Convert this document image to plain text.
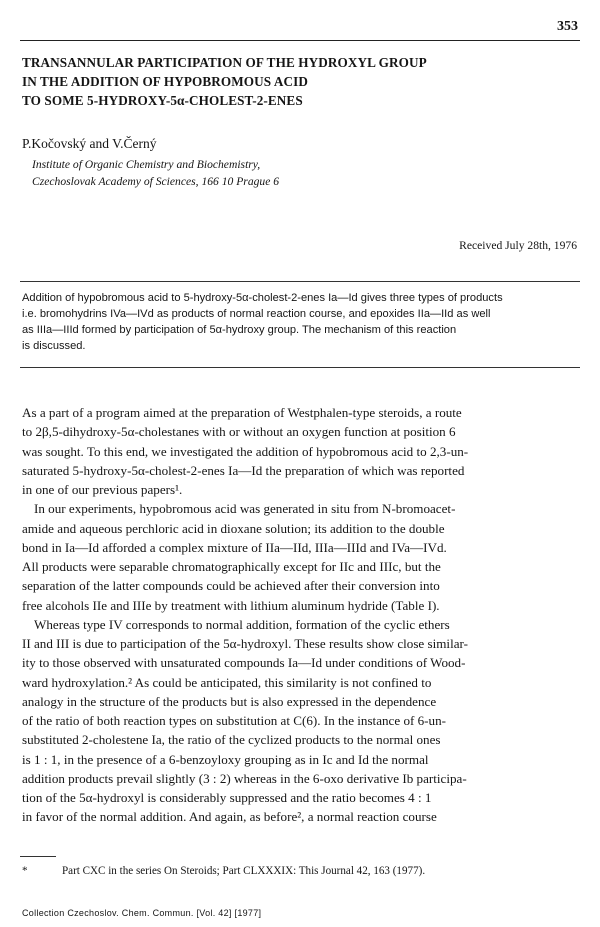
353
TRANSANNULAR PARTICIPATION OF THE HYDROXYL GROUP
IN THE ADDITION OF HYPOBROMOUS ACID
TO SOME 5-HYDROXY-5α-CHOLEST-2-ENES
P.Kočovský and V.Černý
Institute of Organic Chemistry and Biochemistry,
Czechoslovak Academy of Sciences, 166 10 Prague 6
Received July 28th, 1976
Addition of hypobromous acid to 5-hydroxy-5α-cholest-2-enes Ia—Id gives three types of products
i.e. bromohydrins IVa—IVd as products of normal reaction course, and epoxides IIa—IId as well
as IIIa—IIId formed by participation of 5α-hydroxy group. The mechanism of this reaction
is discussed.
As a part of a program aimed at the preparation of Westphalen-type steroids, a route
to 2β,5-dihydroxy-5α-cholestanes with or without an oxygen function at position 6
was sought. To this end, we investigated the addition of hypobromous acid to 2,3-un-
saturated 5-hydroxy-5α-cholest-2-enes Ia—Id the preparation of which was reported
in one of our previous papers¹.
In our experiments, hypobromous acid was generated in situ from N-bromoacet-
amide and aqueous perchloric acid in dioxane solution; its addition to the double
bond in Ia—Id afforded a complex mixture of IIa—IId, IIIa—IIId and IVa—IVd.
All products were separable chromatographically except for IIc and IIIc, but the
separation of the latter compounds could be achieved after their conversion into
free alcohols IIe and IIIe by treatment with lithium aluminum hydride (Table I).
Whereas type IV corresponds to normal addition, formation of the cyclic ethers
II and III is due to participation of the 5α-hydroxyl. These results show close similar-
ity to those observed with unsaturated compounds Ia—Id under conditions of Wood-
ward hydroxylation.² As could be anticipated, this similarity is not confined to
analogy in the structure of the products but is also expressed in the dependence
of the ratio of both reaction types on substitution at C(6). In the instance of 6-un-
substituted 2-cholestene Ia, the ratio of the cyclized products to the normal ones
is 1 : 1, in the presence of a 6-benzoyloxy grouping as in Ic and Id the normal
addition products prevail slightly (3 : 2) whereas in the 6-oxo derivative Ib participa-
tion of the 5α-hydroxyl is considerably suppressed and the ratio becomes 4 : 1
in favor of the normal addition. And again, as before², a normal reaction course
*	Part CXC in the series On Steroids; Part CLXXXIX: This Journal 42, 163 (1977).
Collection Czechoslov. Chem. Commun. [Vol. 42] [1977]
